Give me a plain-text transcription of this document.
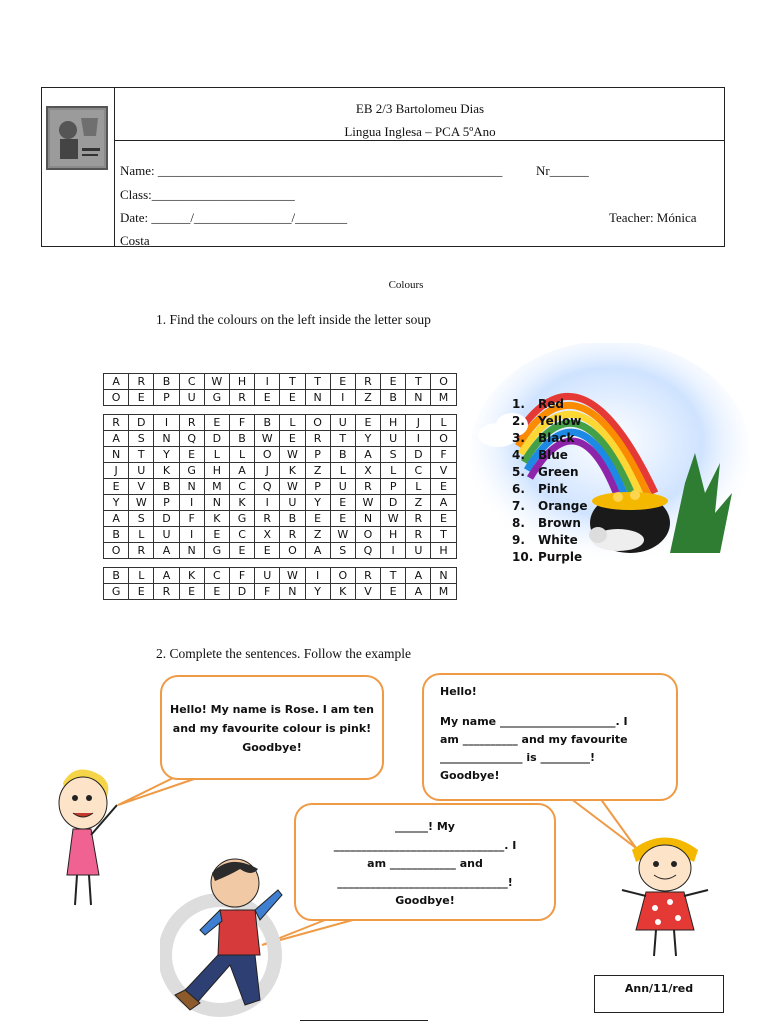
EB 2/3 Bartolomeu Dias
Lingua Inglesa – PCA 5ºAno
Name: _____________________________________________________	Nr______
Class:______________________
Date: ______/_______________/________	Teacher: Mónica
Costa
Colours
1. Find the colours on the left inside the letter soup
A	R	B	C	W	H	I	T	T	E	R	E	T	O
O	E	P	U	G	R	E	E	N	I	Z	B	N	M

R	D	I	R	E	F	B	L	O	U	E	H	J	L
A	S	N	Q	D	B	W	E	R	T	Y	U	I	O
N	T	Y	E	L	L	O	W	P	B	A	S	D	F
J	U	K	G	H	A	J	K	Z	L	X	L	C	V
E	V	B	N	M	C	Q	W	P	U	R	P	L	E
Y	W	P	I	N	K	I	U	Y	E	W	D	Z	A
A	S	D	F	K	G	R	B	E	E	N	W	R	E
B	L	U	I	E	C	X	R	Z	W	O	H	R	T
O	R	A	N	G	E	E	O	A	S	Q	I	U	H

B	L	A	K	C	F	U	W	I	O	R	T	A	N
G	E	R	E	E	D	F	N	Y	K	V	E	A	M
1.	Red
2.	Yellow
3.	Black
4.	Blue
5.	Green
6.	Pink
7.	Orange
8.	Brown
9.	White
10. Purple
2. Complete the sentences. Follow the example
Hello! My name is Rose. I am ten
and my favourite colour is pink!
Goodbye!
Hello!
My name _____________________. I
am __________ and my favourite
_______________ is _________!
Goodbye!
______! My
_______________________________. I
am ____________ and
_______________________________!
Goodbye!
Ann/11/red
